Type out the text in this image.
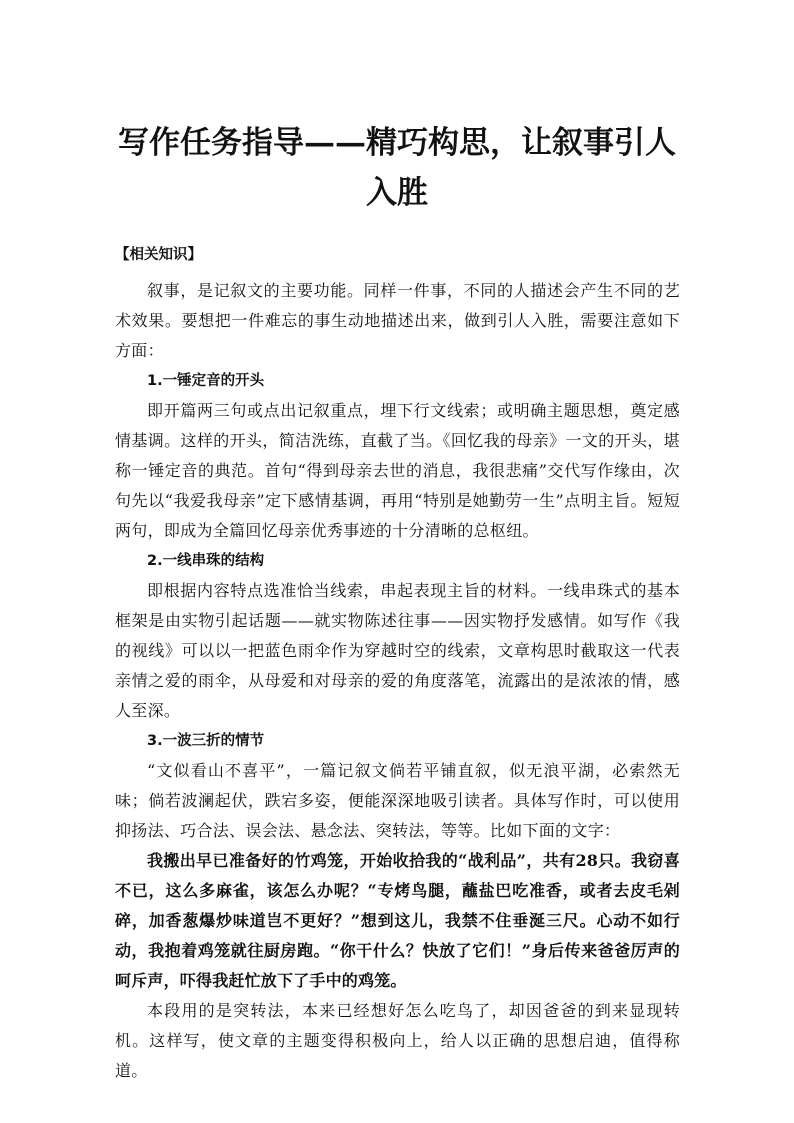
写作任务指导——精巧构思，让叙事引人入胜

【相关知识】

叙事，是记叙文的主要功能。同样一件事，不同的人描述会产生不同的艺术效果。要想把一件难忘的事生动地描述出来，做到引人入胜，需要注意如下方面：

1.一锤定音的开头

即开篇两三句或点出记叙重点，埋下行文线索；或明确主题思想，奠定感情基调。这样的开头，简洁洗练，直截了当。《回忆我的母亲》一文的开头，堪称一锤定音的典范。首句“得到母亲去世的消息，我很悲痛”交代写作缘由，次句先以“我爱我母亲”定下感情基调，再用“特别是她勤劳一生”点明主旨。短短两句，即成为全篇回忆母亲优秀事迹的十分清晰的总枢纽。

2.一线串珠的结构

即根据内容特点选准恰当线索，串起表现主旨的材料。一线串珠式的基本框架是由实物引起话题——就实物陈述往事——因实物抒发感情。如写作《我的视线》可以以一把蓝色雨伞作为穿越时空的线索，文章构思时截取这一代表亲情之爱的雨伞，从母爱和对母亲的爱的角度落笔，流露出的是浓浓的情，感人至深。

3.一波三折的情节

“文似看山不喜平”，一篇记叙文倘若平铺直叙，似无浪平湖，必索然无味；倘若波澜起伏，跌宕多姿，便能深深地吸引读者。具体写作时，可以使用抑扬法、巧合法、误会法、悬念法、突转法，等等。比如下面的文字：

我搬出早已准备好的竹鸡笼，开始收拾我的“战利品”，共有28只。我窃喜不已，这么多麻雀，该怎么办呢？“专烤鸟腿，蘸盐巴吃准香，或者去皮毛剁碎，加香葱爆炒味道岂不更好？”想到这儿，我禁不住垂涎三尺。心动不如行动，我抱着鸡笼就往厨房跑。“你干什么？快放了它们！”身后传来爸爸厉声的呵斥声，吓得我赶忙放下了手中的鸡笼。

本段用的是突转法，本来已经想好怎么吃鸟了，却因爸爸的到来显现转机。这样写，使文章的主题变得积极向上，给人以正确的思想启迪，值得称道。
